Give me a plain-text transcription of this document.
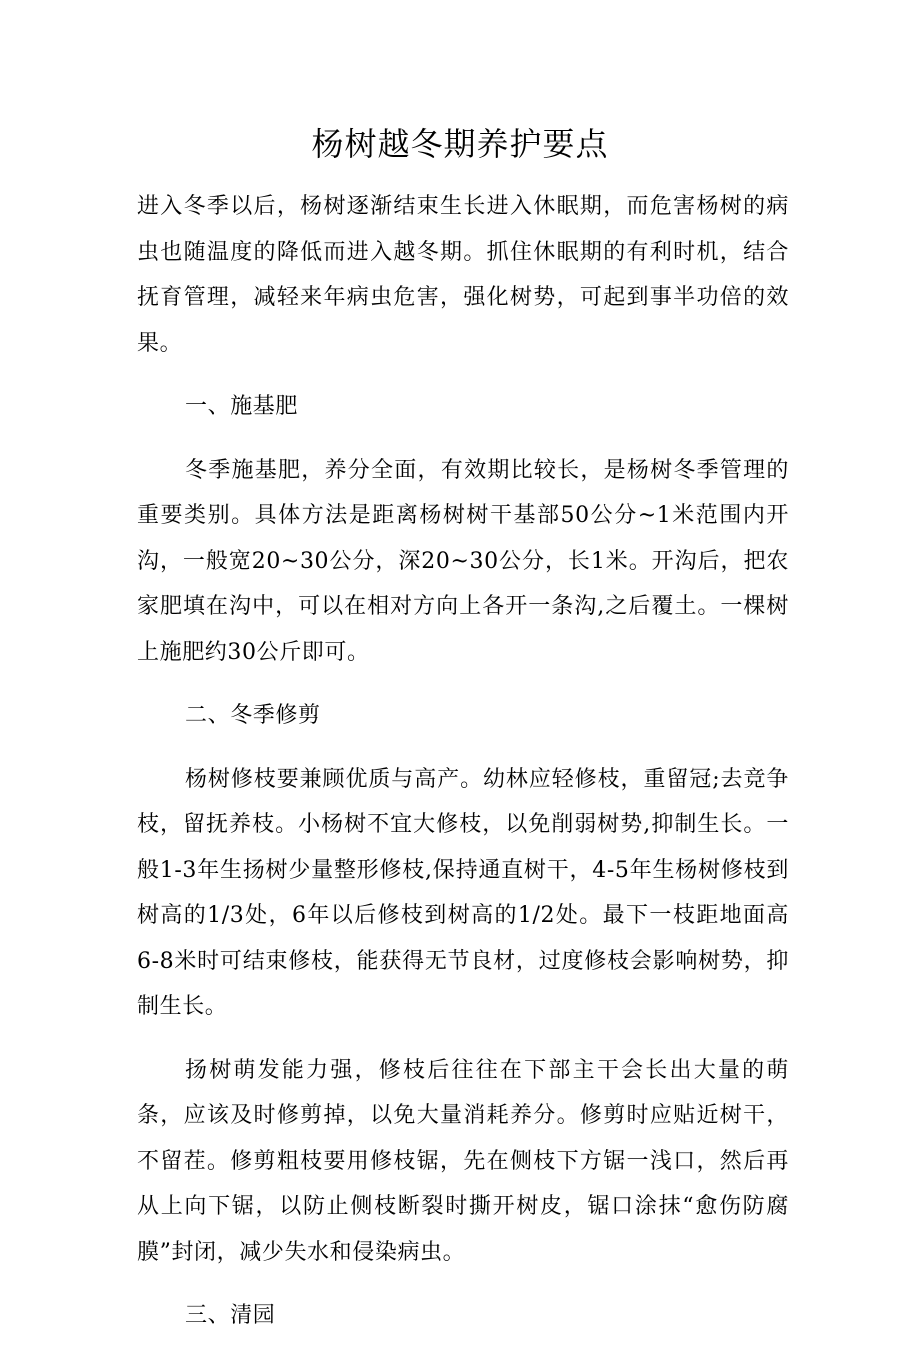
杨树越冬期养护要点

进入冬季以后，杨树逐渐结束生长进入休眠期，而危害杨树的病虫也随温度的降低而进入越冬期。抓住休眠期的有利时机，结合抚育管理，减轻来年病虫危害，强化树势，可起到事半功倍的效果。

一、施基肥

冬季施基肥，养分全面，有效期比较长，是杨树冬季管理的重要类别。具体方法是距离杨树树干基部50公分~1米范围内开沟，一般宽20~30公分，深20~30公分，长1米。开沟后，把农家肥填在沟中，可以在相对方向上各开一条沟,之后覆土。一棵树上施肥约30公斤即可。

二、冬季修剪

杨树修枝要兼顾优质与高产。幼林应轻修枝，重留冠;去竞争枝，留抚养枝。小杨树不宜大修枝，以免削弱树势,抑制生长。一般1-3年生扬树少量整形修枝,保持通直树干，4-5年生杨树修枝到树高的1/3处，6年以后修枝到树高的1/2处。最下一枝距地面高6-8米时可结束修枝，能获得无节良材，过度修枝会影响树势，抑制生长。

扬树萌发能力强，修枝后往往在下部主干会长出大量的萌条，应该及时修剪掉，以免大量消耗养分。修剪时应贴近树干，不留茬。修剪粗枝要用修枝锯，先在侧枝下方锯一浅口，然后再从上向下锯，以防止侧枝断裂时撕开树皮，锯口涂抹“愈伤防腐膜”封闭，减少失水和侵染病虫。

三、清园
